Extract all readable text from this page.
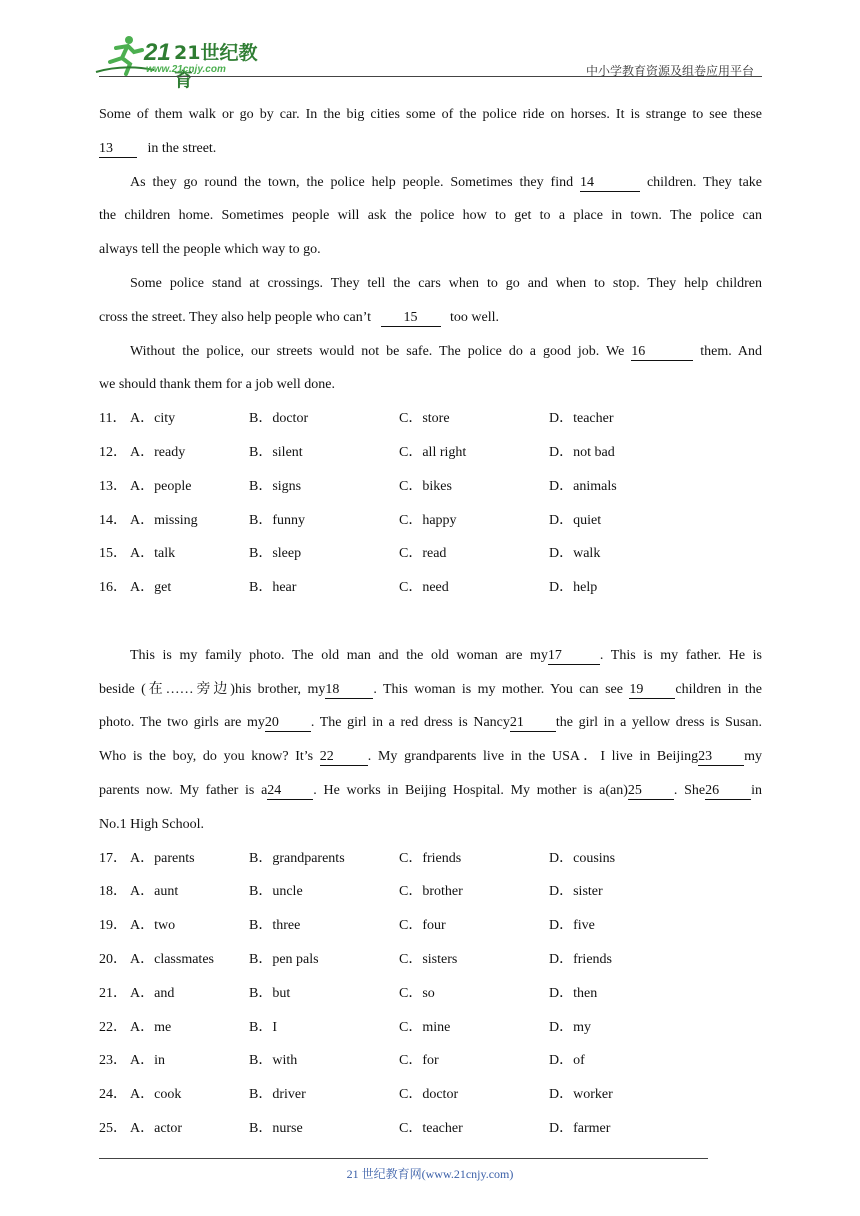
21 21世纪教育
www.21cnjy.com	中小学教育资源及组卷应用平台
Some of them walk or go by car. In the big cities some of the police ride on horses. It is strange to see these
13 in the street.
As they go round the town, the police help people. Sometimes they find 14	children. They take
the children home. Sometimes people will ask the police how to get to a place in town. The police can
always tell the people which way to go.
Some police stand at crossings. They tell the cars when to go and when to stop. They help children
cross the street. They also help people who can’t 15 too well.
Without the police, our streets would not be safe. The police do a good job. We 16	them. And
we should thank them for a job well done.
11． A．city	B．doctor	C．store	D．teacher
12． A．ready	B．silent	C．all right	D．not bad
13． A．people	B．signs	C．bikes	D．animals
14． A．missing	B．funny	C．happy	D．quiet
15． A．talk	B．sleep	C．read	D．walk
16． A．get	B．hear	C．need	D．help
This is my family photo. The old man and the old woman are my17	. This is my father. He is
beside (在……旁边)his brother, my18 . This woman is my mother. You can see 19 children in the
photo. The two girls are my20 . The girl in a red dress is Nancy21 the girl in a yellow dress is Susan.
Who is the boy, do you know? It’s 22 . My grandparents live in the USA．I live in Beijing23 my
parents now. My father is a24 . He works in Beijing Hospital. My mother is a(an)25 . She26 in
No.1 High School.
17． A．parents	B．grandparents	C．friends	D．cousins
18． A．aunt	B．uncle	C．brother	D．sister
19． A．two	B．three	C．four	D．five
20． A．classmates	B．pen pals	C．sisters	D．friends
21． A．and	B．but	C．so	D．then
22． A．me	B．I	C．mine	D．my
23． A．in	B．with	C．for	D．of
24． A．cook	B．driver	C．doctor	D．worker
25． A．actor	B．nurse	C．teacher	D．farmer
21 世纪教育网(www.21cnjy.com)
